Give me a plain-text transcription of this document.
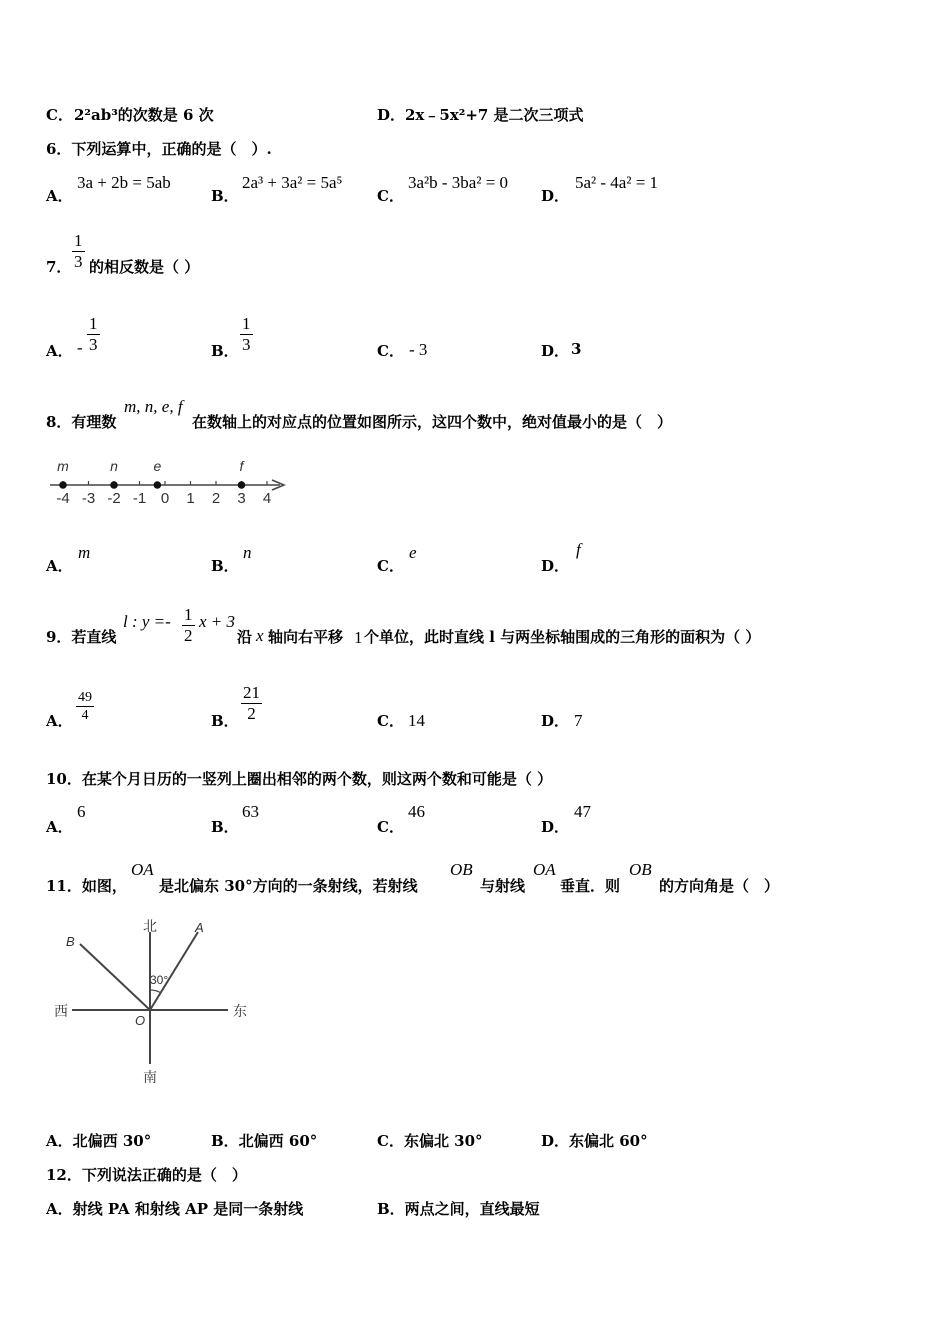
C． 2²ab³的次数是 6 次	D． 2x﹣5x²+7 是二次三项式
6．下列运算中，正确的是（　）.
A．
3a + 2b = 5ab
B．
2a³ + 3a² = 5a⁵
C．
3a²b - 3ba² = 0
D．
5a² - 4a² = 1
7．
1
3 的相反数是（ ）
A． -
1
3	B．
1
3	C． - 3	D． 3
8．有理数
m, n, e, f
在数轴上的对应点的位置如图所示，这四个数中，绝对值最小的是（　）
-4 -3 -2 -1 0 1 2 3 4
m	n	e	f
A．
m
B．
n
C．
e
D．
f
9．若直线
l : y =- 1
2
x + 3
沿 x 轴向右平移 1 个单位，此时直线 l 与两坐标轴围成的三角形的面积为（ ）
A．
49
4	B．
21
2	C． 14	D． 7
10．在某个月日历的一竖列上圈出相邻的两个数，则这两个数和可能是（ ）
A．
6
B．
63
C．
46
D．
47
11．如图，
OA
是北偏东 30°方向的一条射线，若射线
OB
与射线
OA
垂直．则
OB
的方向角是（　）
北
南
西	东
A
B
O
30°
A．北偏西 30°	B．北偏西 60°	C．东偏北 30°	D．东偏北 60°
12．下列说法正确的是（　）
A．射线 PA 和射线 AP 是同一条射线	B．两点之间，直线最短
